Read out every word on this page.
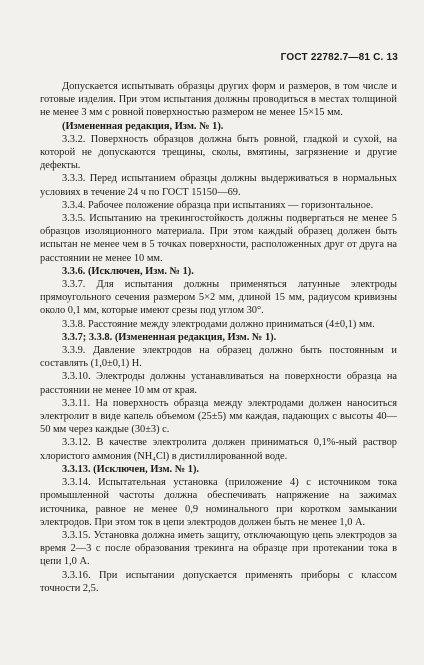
ГОСТ 22782.7—81 С. 13

Допускается испытывать образцы других форм и размеров, в том числе и готовые изделия. При этом испытания должны проводиться в местах толщиной не менее 3 мм с ровной поверхностью размером не менее 15×15 мм.

(Измененная редакция, Изм. № 1).

3.3.2. Поверхность образцов должна быть ровной, гладкой и сухой, на которой не допускаются трещины, сколы, вмятины, загрязнение и другие дефекты.

3.3.3. Перед испытанием образцы должны выдерживаться в нормальных условиях в течение 24 ч по ГОСТ 15150—69.

3.3.4. Рабочее положение образца при испытаниях — горизонтальное.

3.3.5. Испытанию на трекингостойкость должны подвергаться не менее 5 образцов изоляционного материала. При этом каждый образец должен быть испытан не менее чем в 5 точках поверхности, расположенных друг от друга на расстоянии не менее 10 мм.

3.3.6. (Исключен, Изм. № 1).

3.3.7. Для испытания должны применяться латунные электроды прямоугольного сечения размером 5×2 мм, длиной 15 мм, радиусом кривизны около 0,1 мм, которые имеют срезы под углом 30°.

3.3.8. Расстояние между электродами должно приниматься (4±0,1) мм.

3.3.7; 3.3.8. (Измененная редакция, Изм. № 1).

3.3.9. Давление электродов на образец должно быть постоянным и составлять (1,0±0,1) Н.

3.3.10. Электроды должны устанавливаться на поверхности образца на расстоянии не менее 10 мм от края.

3.3.11. На поверхность образца между электродами должен наноситься электролит в виде капель объемом (25±5) мм каждая, падающих с высоты 40—50 мм через каждые (30±3) с.

3.3.12. В качестве электролита должен приниматься 0,1%-ный раствор хлористого аммония (NH₄Cl) в дистиллированной воде.

3.3.13. (Исключен, Изм. № 1).

3.3.14. Испытательная установка (приложение 4) с источником тока промышленной частоты должна обеспечивать напряжение на зажимах источника, равное не менее 0,9 номинального при коротком замыкании электродов. При этом ток в цепи электродов должен быть не менее 1,0 А.

3.3.15. Установка должна иметь защиту, отключающую цепь электродов за время 2—3 с после образования трекинга на образце при протекании тока в цепи 1,0 А.

3.3.16. При испытании допускается применять приборы с классом точности 2,5.
